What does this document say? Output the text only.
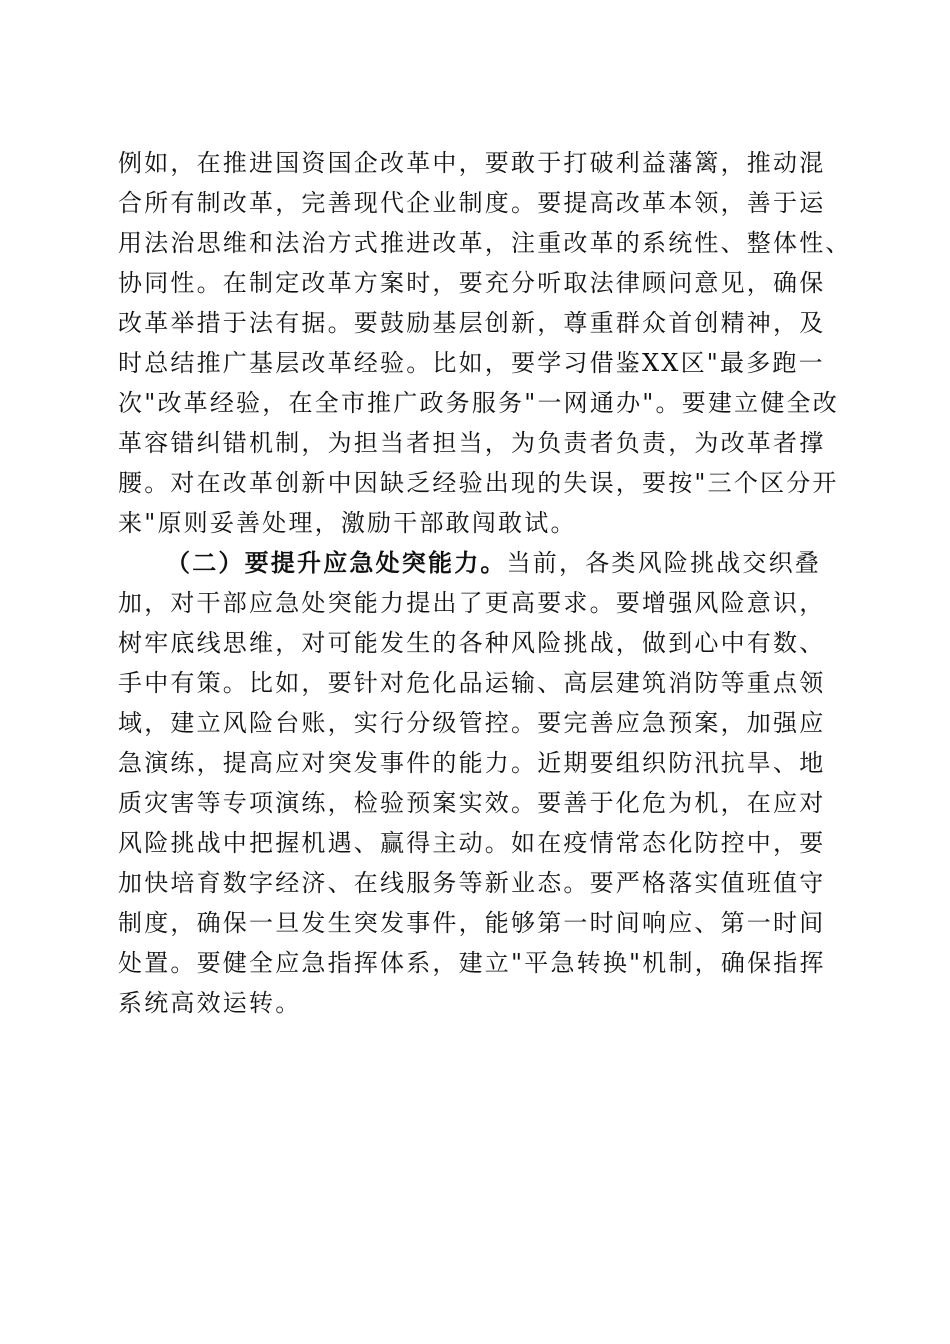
例如，在推进国资国企改革中，要敢于打破利益藩篱，推动混
合所有制改革，完善现代企业制度。要提高改革本领，善于运
用法治思维和法治方式推进改革，注重改革的系统性、整体性、
协同性。在制定改革方案时，要充分听取法律顾问意见，确保
改革举措于法有据。要鼓励基层创新，尊重群众首创精神，及
时总结推广基层改革经验。比如，要学习借鉴XX区"最多跑一
次"改革经验，在全市推广政务服务"一网通办"。要建立健全改
革容错纠错机制，为担当者担当，为负责者负责，为改革者撑
腰。对在改革创新中因缺乏经验出现的失误，要按"三个区分开
来"原则妥善处理，激励干部敢闯敢试。
（二）要提升应急处突能力。当前，各类风险挑战交织叠
加，对干部应急处突能力提出了更高要求。要增强风险意识，
树牢底线思维，对可能发生的各种风险挑战，做到心中有数、
手中有策。比如，要针对危化品运输、高层建筑消防等重点领
域，建立风险台账，实行分级管控。要完善应急预案，加强应
急演练，提高应对突发事件的能力。近期要组织防汛抗旱、地
质灾害等专项演练，检验预案实效。要善于化危为机，在应对
风险挑战中把握机遇、赢得主动。如在疫情常态化防控中，要
加快培育数字经济、在线服务等新业态。要严格落实值班值守
制度，确保一旦发生突发事件，能够第一时间响应、第一时间
处置。要健全应急指挥体系，建立"平急转换"机制，确保指挥
系统高效运转。
